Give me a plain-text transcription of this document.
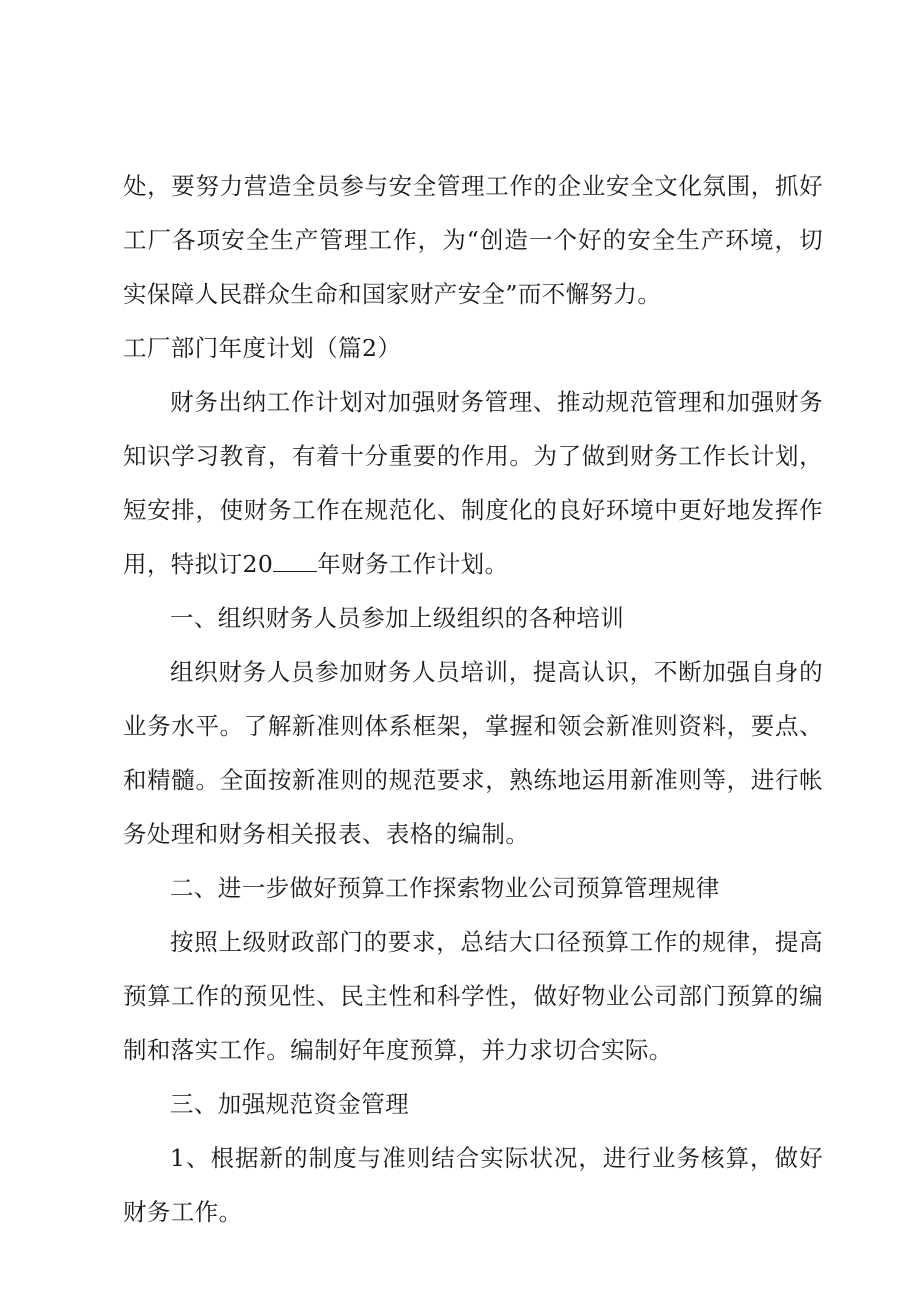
处，要努力营造全员参与安全管理工作的企业安全文化氛围，抓好工厂各项安全生产管理工作，为“创造一个好的安全生产环境，切实保障人民群众生命和国家财产安全”而不懈努力。

工厂部门年度计划（篇2）

财务出纳工作计划对加强财务管理、推动规范管理和加强财务知识学习教育，有着十分重要的作用。为了做到财务工作长计划，短安排，使财务工作在规范化、制度化的良好环境中更好地发挥作用，特拟订20 年财务工作计划。

一、组织财务人员参加上级组织的各种培训

组织财务人员参加财务人员培训，提高认识，不断加强自身的业务水平。了解新准则体系框架，掌握和领会新准则资料，要点、和精髓。全面按新准则的规范要求，熟练地运用新准则等，进行帐务处理和财务相关报表、表格的编制。

二、进一步做好预算工作探索物业公司预算管理规律

按照上级财政部门的要求，总结大口径预算工作的规律，提高预算工作的预见性、民主性和科学性，做好物业公司部门预算的编制和落实工作。编制好年度预算，并力求切合实际。

三、加强规范资金管理

1、根据新的制度与准则结合实际状况，进行业务核算，做好财务工作。
